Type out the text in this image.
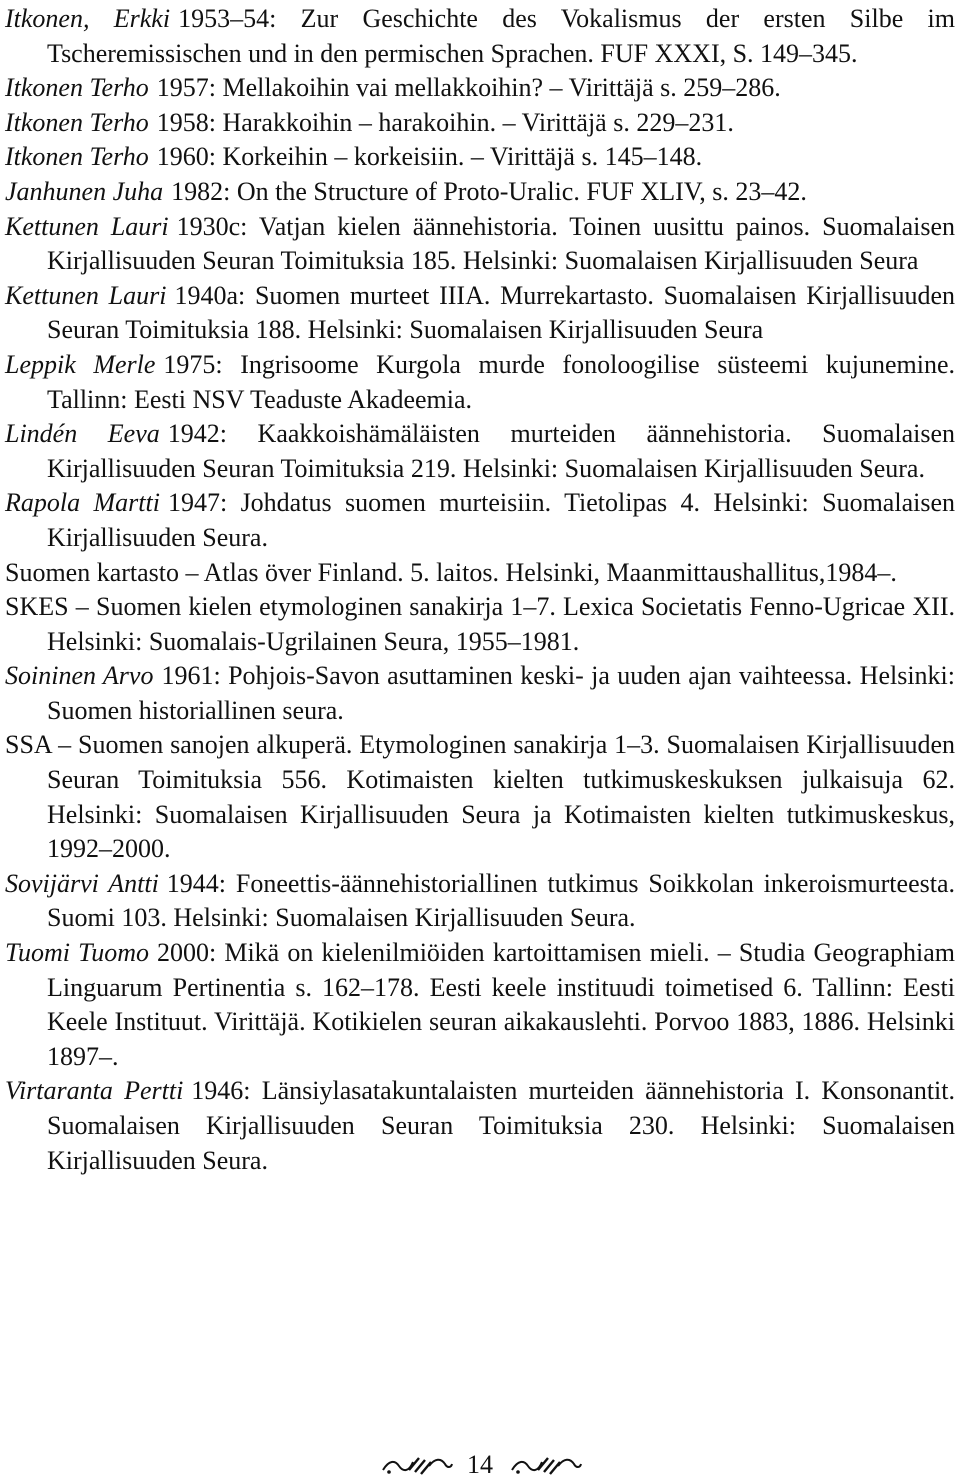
Itkonen, Erkki 1953–54: Zur Geschichte des Vokalismus der ersten Silbe im Tscheremissischen und in den permischen Sprachen. FUF XXXI, S. 149–345.

Itkonen Terho 1957: Mellakoihin vai mellakkoihin? – Virittäjä s. 259–286.

Itkonen Terho 1958: Harakkoihin – harakoihin. – Virittäjä s. 229–231.

Itkonen Terho 1960: Korkeihin – korkeisiin. – Virittäjä s. 145–148.

Janhunen Juha 1982: On the Structure of Proto-Uralic. FUF XLIV, s. 23–42.

Kettunen Lauri 1930c: Vatjan kielen äännehistoria. Toinen uusittu painos. Suomalaisen Kirjallisuuden Seuran Toimituksia 185. Helsinki: Suomalaisen Kirjallisuuden Seura

Kettunen Lauri 1940a: Suomen murteet IIIA. Murrekartasto. Suomalaisen Kirjallisuuden Seuran Toimituksia 188. Helsinki: Suomalaisen Kirjallisuuden Seura

Leppik Merle 1975: Ingrisoome Kurgola murde fonoloogilise süsteemi kujunemine. Tallinn: Eesti NSV Teaduste Akadeemia.

Lindén Eeva 1942: Kaakkoishämäläisten murteiden äännehistoria. Suomalaisen Kirjallisuuden Seuran Toimituksia 219. Helsinki: Suomalaisen Kirjallisuuden Seura.

Rapola Martti 1947: Johdatus suomen murteisiin. Tietolipas 4. Helsinki: Suomalaisen Kirjallisuuden Seura.

Suomen kartasto – Atlas över Finland. 5. laitos. Helsinki, Maanmittaushallitus,1984–.

SKES – Suomen kielen etymologinen sanakirja 1–7. Lexica Societatis Fenno-Ugricae XII. Helsinki: Suomalais-Ugrilainen Seura, 1955–1981.

Soininen Arvo 1961: Pohjois-Savon asuttaminen keski- ja uuden ajan vaihteessa. Helsinki: Suomen historiallinen seura.

SSA – Suomen sanojen alkuperä. Etymologinen sanakirja 1–3. Suomalaisen Kirjallisuuden Seuran Toimituksia 556. Kotimaisten kielten tutkimuskeskuksen julkaisuja 62. Helsinki: Suomalaisen Kirjallisuuden Seura ja Kotimaisten kielten tutkimuskeskus, 1992–2000.

Sovijärvi Antti 1944: Foneettis-äännehistoriallinen tutkimus Soikkolan inkeroismurteesta. Suomi 103. Helsinki: Suomalaisen Kirjallisuuden Seura.

Tuomi Tuomo 2000: Mikä on kielenilmiöiden kartoittamisen mieli. – Studia Geographiam Linguarum Pertinentia s. 162–178. Eesti keele instituudi toimetised 6. Tallinn: Eesti Keele Instituut. Virittäjä. Kotikielen seuran aikakauslehti. Porvoo 1883, 1886. Helsinki 1897–.

Virtaranta Pertti 1946: Länsiylasatakuntalaisten murteiden äännehistoria I. Konsonantit. Suomalaisen Kirjallisuuden Seuran Toimituksia 230. Helsinki: Suomalaisen Kirjallisuuden Seura.

14
